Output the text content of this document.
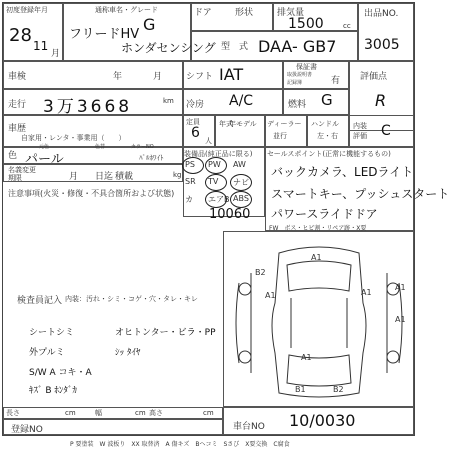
初度登録年月
28 11
月
通称車名・グレード
フリードHV
G
ホンダセンシング
ドア	形状	排気量
1500	cc
出品NO.
3005
型　式 DAA- GB7
車検	年	月	シフト IAT	保証書
取扱説明書
記録簿	有 評価点
R
走行 3万3668	km 冷房 A/C	燃料 G
車歴
自家用・レンタ・事業用（　　）
定員
6 人
年式
年モデル ディーラー
並行
ハンドル
左・右
内装
評価 C
色
元色	色替	カラーNO
パール	ﾊﾟﾙﾎﾜｲﾄ
名義変更
期限	月 日迄 積載	kg
注意事項(火災・修復・不具合箇所および状態)
装備品(純正品に限る)
PS PW AW
SR TV ナビ
カ エアB ABS
10060
セールスポイント(正常に機能するもの)
バックカメラ、LEDライト
スマートキー、プッシュスタート
パワースライドドア
FW　ボス・ヒビ割・リペア跡・X要
B2
A1
A1	A1
A1
A1
A1
B1	B2
検査員記入 内装：汚れ・シミ・コゲ・穴・タレ・キレ
シートシミ	オヒトンター・ビラ・PP
外プルミ	ｼｯ ﾀｲﾔ
S/W A コキ・A
ｷｽﾞ B ﾎﾝﾀﾞｶ
長さ	cm	幅	cm 高さ	cm
登録NO	車台NO 10/0030
P 要塗装　W 波板り　XX 取替済　A 傷キズ　Bヘコミ　Sさび　X要交換　C腐食
